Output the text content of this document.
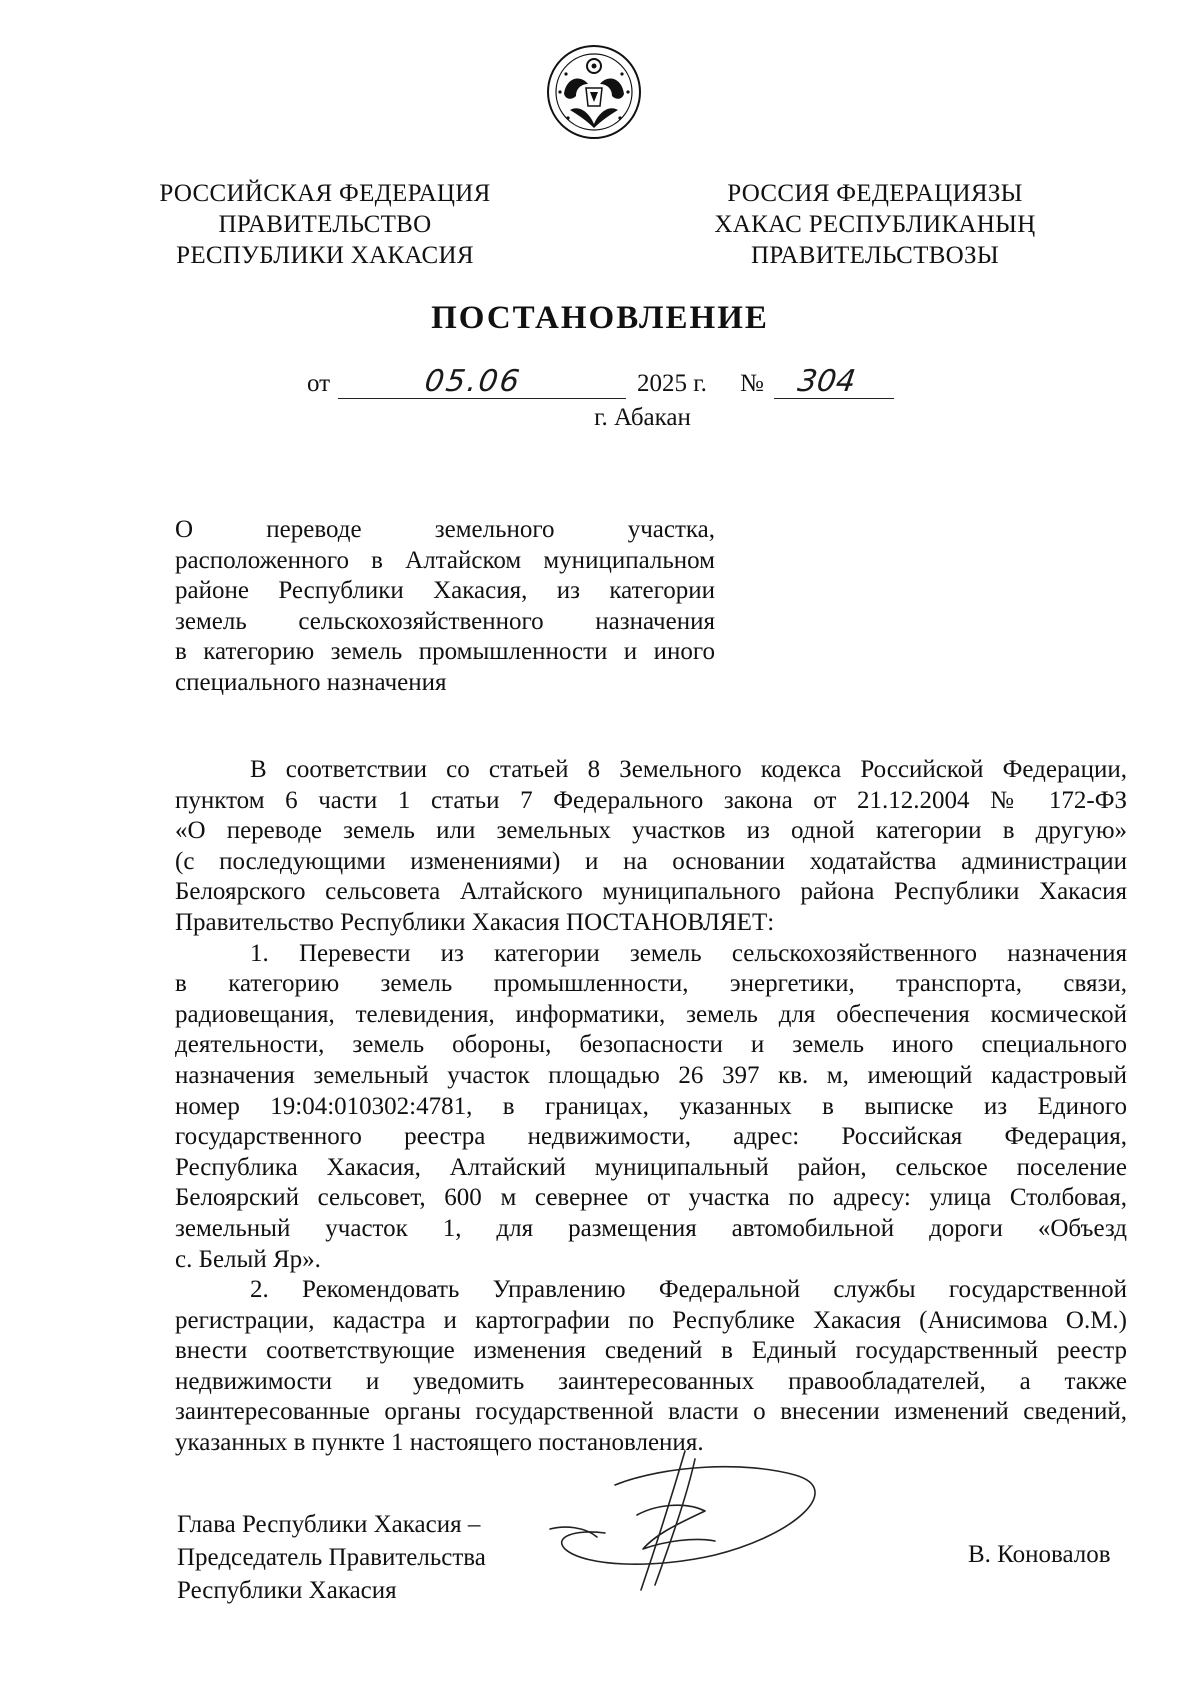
РОССИЙСКАЯ ФЕДЕРАЦИЯ
ПРАВИТЕЛЬСТВО
РЕСПУБЛИКИ ХАКАСИЯ
РОССИЯ ФЕДЕРАЦИЯЗЫ
ХАКАС РЕСПУБЛИКАНЫҢ
ПРАВИТЕЛЬСТВОЗЫ
ПОСТАНОВЛЕНИЕ
от	05.06	2025 г. № 304
г. Абакан
О переводе земельного участка,
расположенного в Алтайском муниципальном
районе Республики Хакасия, из категории
земель сельскохозяйственного назначения
в категорию земель промышленности и иного
специального назначения
В соответствии со статьей 8 Земельного кодекса Российской Федерации,
пунктом 6 части 1 статьи 7 Федерального закона от 21.12.2004 № 172-ФЗ
«О переводе земель или земельных участков из одной категории в другую»
(с последующими изменениями) и на основании ходатайства администрации
Белоярского сельсовета Алтайского муниципального района Республики Хакасия
Правительство Республики Хакасия ПОСТАНОВЛЯЕТ:
1. Перевести из категории земель сельскохозяйственного назначения
в категорию земель промышленности, энергетики, транспорта, связи,
радиовещания, телевидения, информатики, земель для обеспечения космической
деятельности, земель обороны, безопасности и земель иного специального
назначения земельный участок площадью 26 397 кв. м, имеющий кадастровый
номер 19:04:010302:4781, в границах, указанных в выписке из Единого
государственного реестра недвижимости, адрес: Российская Федерация,
Республика Хакасия, Алтайский муниципальный район, сельское поселение
Белоярский сельсовет, 600 м севернее от участка по адресу: улица Столбовая,
земельный участок 1, для размещения автомобильной дороги «Объезд
с. Белый Яр».
2. Рекомендовать Управлению Федеральной службы государственной
регистрации, кадастра и картографии по Республике Хакасия (Анисимова О.М.)
внести соответствующие изменения сведений в Единый государственный реестр
недвижимости и уведомить заинтересованных правообладателей, а также
заинтересованные органы государственной власти о внесении изменений сведений,
указанных в пункте 1 настоящего постановления.
Глава Республики Хакасия –
Председатель Правительства
Республики Хакасия
В. Коновалов
